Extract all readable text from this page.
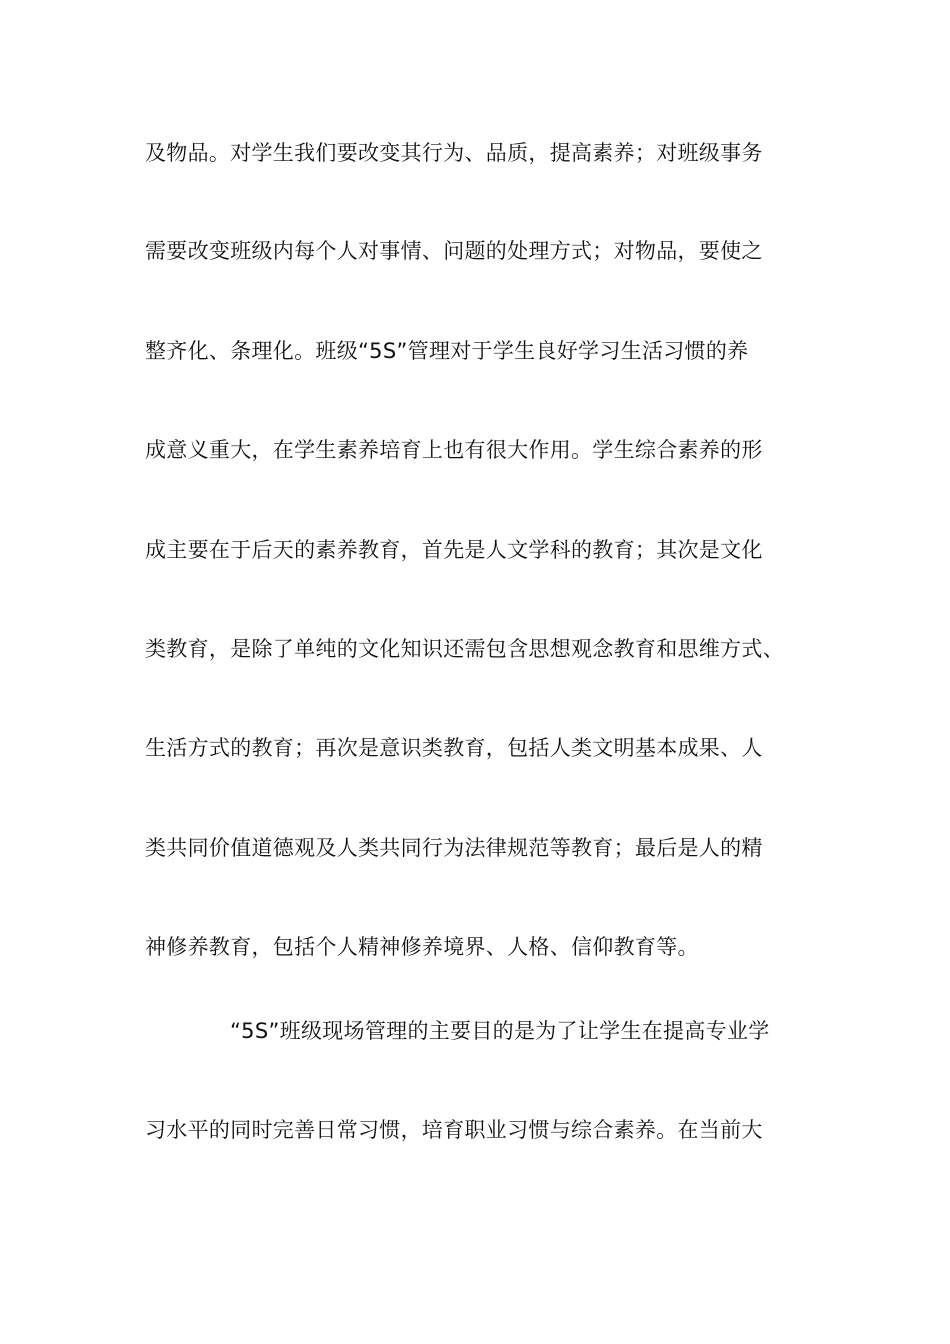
及物品。对学生我们要改变其行为、品质，提高素养；对班级事务
需要改变班级内每个人对事情、问题的处理方式；对物品，要使之
整齐化、条理化。班级“5S”管理对于学生良好学习生活习惯的养
成意义重大，在学生素养培育上也有很大作用。学生综合素养的形
成主要在于后天的素养教育，首先是人文学科的教育；其次是文化
类教育，是除了单纯的文化知识还需包含思想观念教育和思维方式、
生活方式的教育；再次是意识类教育，包括人类文明基本成果、人
类共同价值道德观及人类共同行为法律规范等教育；最后是人的精
神修养教育，包括个人精神修养境界、人格、信仰教育等。
“5S”班级现场管理的主要目的是为了让学生在提高专业学
习水平的同时完善日常习惯，培育职业习惯与综合素养。在当前大
